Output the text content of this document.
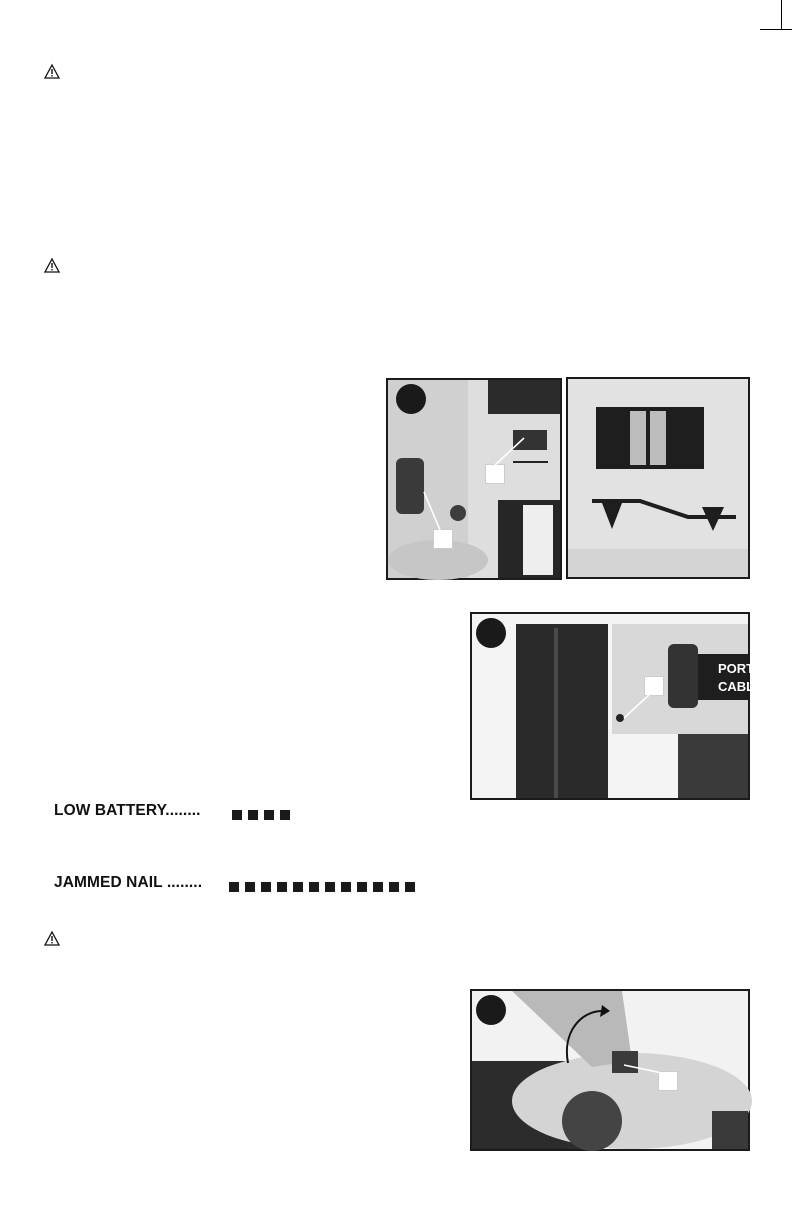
PORT
CABLE
LOW BATTERY........
JAMMED NAIL ........
